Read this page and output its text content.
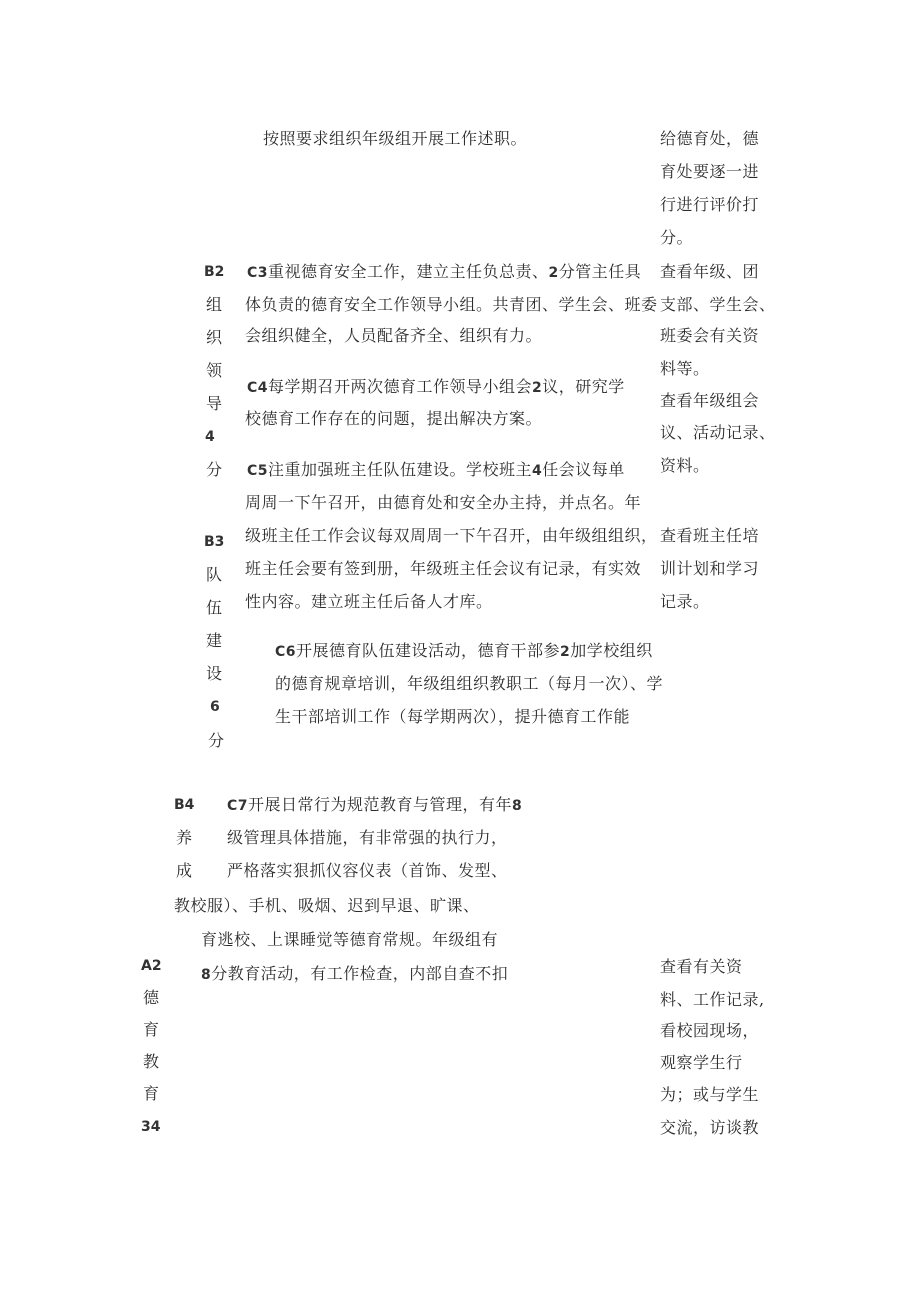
按照要求组织年级组开展工作述职。	给德育处，德
育处要逐一进
行进行评价打
分。
B2
组
织
领
导
4
分
C3重视德育安全工作，建立主任负总责、2分管主任具
体负责的德育安全工作领导小组。共青团、学生会、班委
会组织健全，人员配备齐全、组织有力。
查看年级、团
支部、学生会、
班委会有关资
料等。
C4每学期召开两次德育工作领导小组会2议，研究学
校德育工作存在的问题，提出解决方案。
查看年级组会
议、活动记录、
资料。
C5注重加强班主任队伍建设。学校班主4任会议每单
周周一下午召开，由德育处和安全办主持，并点名。年
级班主任工作会议每双周周一下午召开，由年级组组织，
班主任会要有签到册，年级班主任会议有记录，有实效
性内容。建立班主任后备人才库。
查看班主任培
训计划和学习
记录。
B3
队
伍
建
设
6
分
C6开展德育队伍建设活动，德育干部参2加学校组织
的德育规章培训，年级组组织教职工（每月一次）、学
生干部培训工作（每学期两次），提升德育工作能
B4
养
成
C7开展日常行为规范教育与管理，有年8
级管理具体措施，有非常强的执行力，
严格落实狠抓仪容仪表（首饰、发型、
教校服）、手机、吸烟、迟到早退、旷课、
育逃校、上课睡觉等德育常规。年级组有
8分教育活动，有工作检查，内部自查不扣	查看有关资
料、工作记录,
看校园现场，
观察学生行
为；或与学生
交流，访谈教
A2
德
育
教
育
34
